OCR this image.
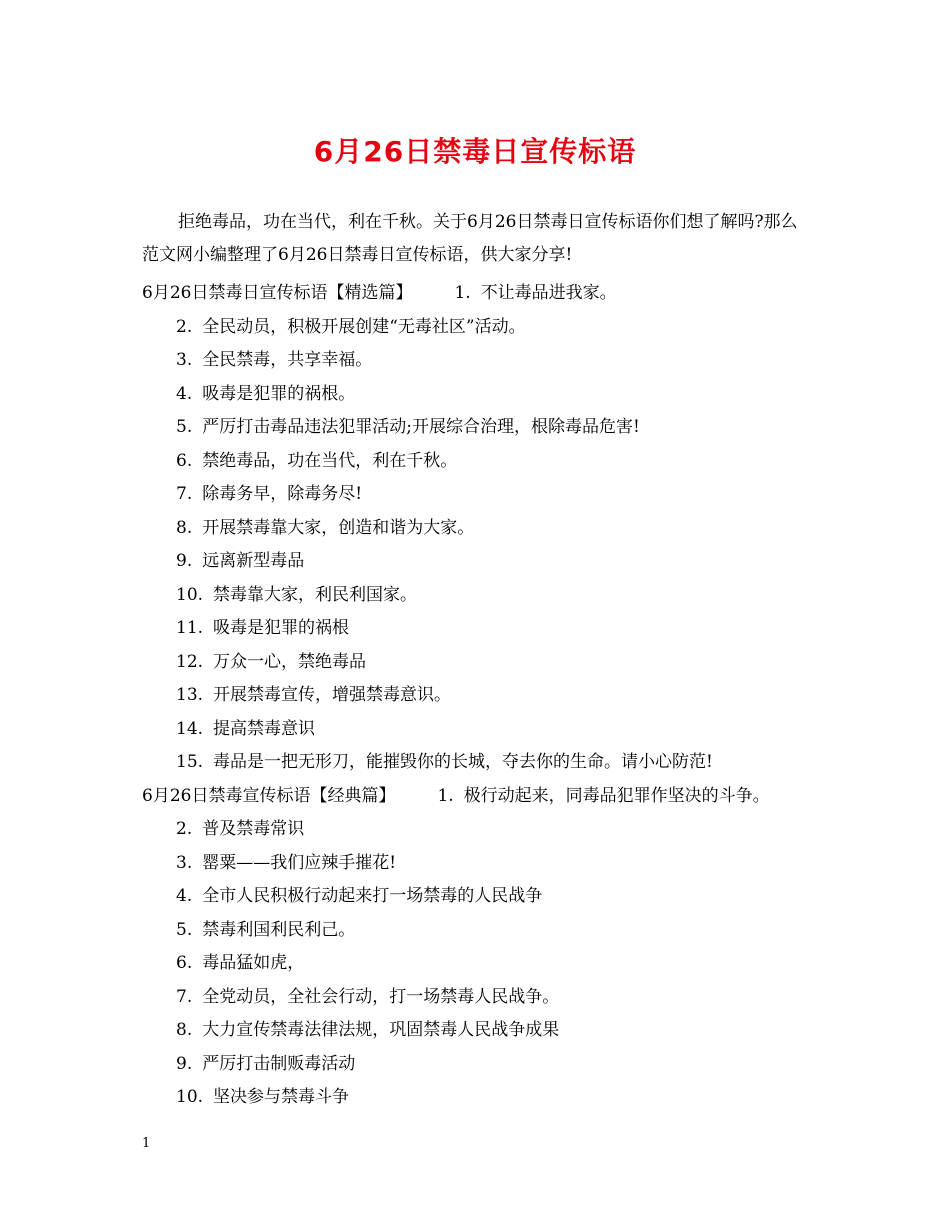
6月26日禁毒日宣传标语

拒绝毒品，功在当代，利在千秋。关于6月26日禁毒日宣传标语你们想了解吗?那么范文网小编整理了6月26日禁毒日宣传标语，供大家分享!

6月26日禁毒日宣传标语【精选篇】 1. 不让毒品进我家。
2. 全民动员，积极开展创建“无毒社区”活动。
3. 全民禁毒，共享幸福。
4. 吸毒是犯罪的祸根。
5. 严厉打击毒品违法犯罪活动;开展综合治理，根除毒品危害!
6. 禁绝毒品，功在当代，利在千秋。
7. 除毒务早，除毒务尽!
8. 开展禁毒靠大家，创造和谐为大家。
9. 远离新型毒品
10. 禁毒靠大家，利民利国家。
11. 吸毒是犯罪的祸根
12. 万众一心，禁绝毒品
13. 开展禁毒宣传，增强禁毒意识。
14. 提高禁毒意识
15. 毒品是一把无形刀，能摧毁你的长城，夺去你的生命。请小心防范!
6月26日禁毒宣传标语【经典篇】 1. 极行动起来，同毒品犯罪作坚决的斗争。
2. 普及禁毒常识
3. 罂粟——我们应辣手摧花!
4. 全市人民积极行动起来打一场禁毒的人民战争
5. 禁毒利国利民利己。
6. 毒品猛如虎，
7. 全党动员，全社会行动，打一场禁毒人民战争。
8. 大力宣传禁毒法律法规，巩固禁毒人民战争成果
9. 严厉打击制贩毒活动
10. 坚决参与禁毒斗争

1
